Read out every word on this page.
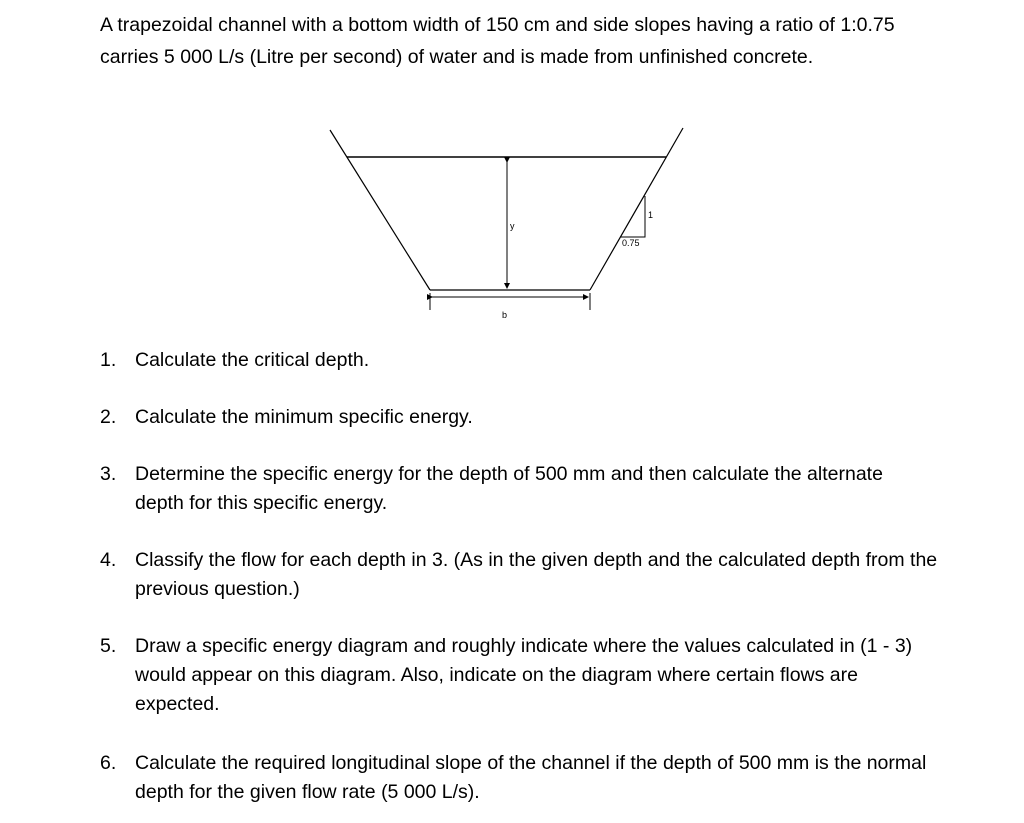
A trapezoidal channel with a bottom width of 150 cm and side slopes having a ratio of 1:0.75 carries 5 000 L/s (Litre per second) of water and is made from unfinished concrete.

y
b
1
0.75
1. Calculate the critical depth.
2. Calculate the minimum specific energy.
3. Determine the specific energy for the depth of 500 mm and then calculate the alternate depth for this specific energy.
4. Classify the flow for each depth in 3. (As in the given depth and the calculated depth from the previous question.)
5. Draw a specific energy diagram and roughly indicate where the values calculated in (1 - 3) would appear on this diagram. Also, indicate on the diagram where certain flows are expected.
6. Calculate the required longitudinal slope of the channel if the depth of 500 mm is the normal depth for the given flow rate (5 000 L/s).
